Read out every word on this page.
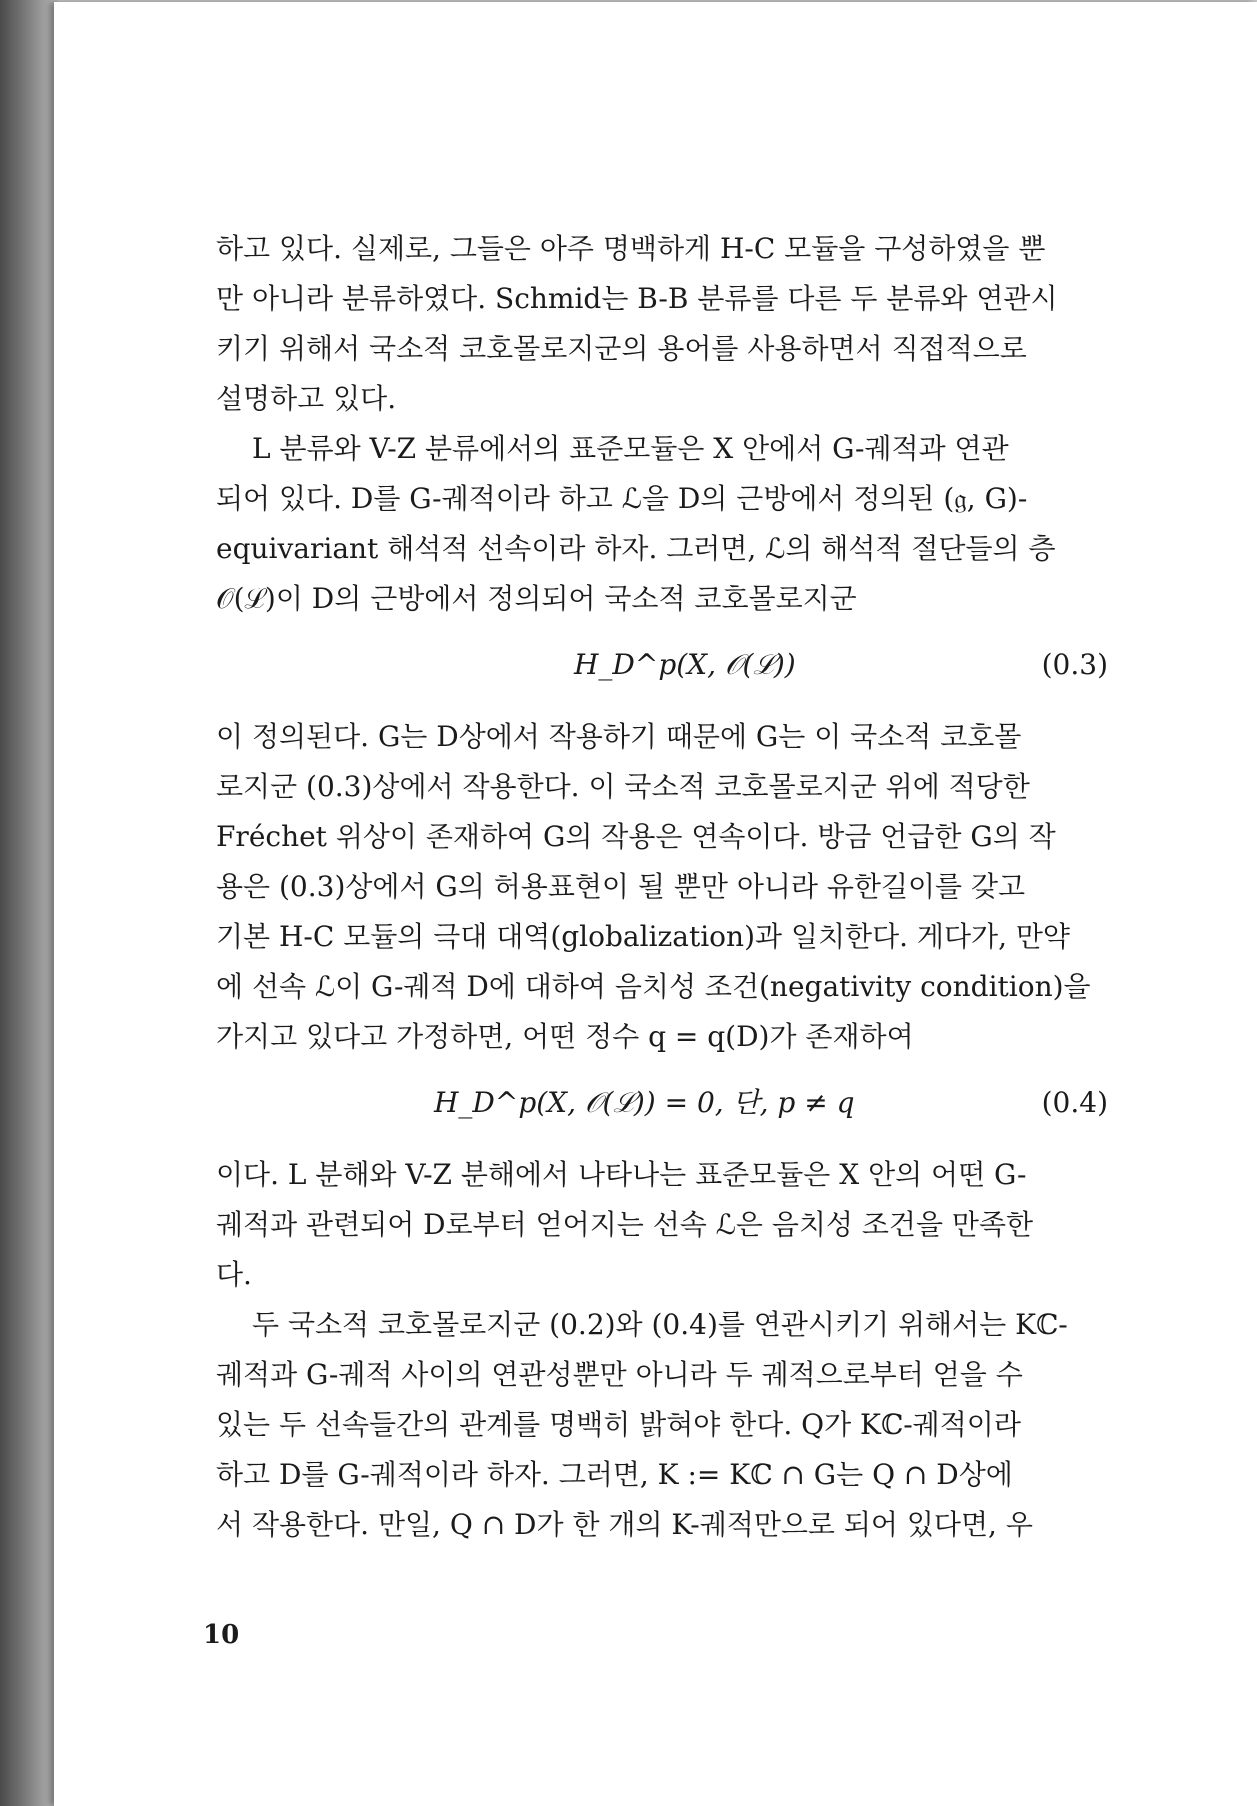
하고 있다. 실제로, 그들은 아주 명백하게 H-C 모듈을 구성하였을 뿐
만 아니라 분류하였다. Schmid는 B-B 분류를 다른 두 분류와 연관시
키기 위해서 국소적 코호몰로지군의 용어를 사용하면서 직접적으로
설명하고 있다.
L 분류와 V-Z 분류에서의 표준모듈은 X 안에서 G-궤적과 연관
되어 있다. D를 G-궤적이라 하고 ℒ을 D의 근방에서 정의된 (𝔤, G)-
equivariant 해석적 선속이라 하자. 그러면, ℒ의 해석적 절단들의 층
𝒪(ℒ)이 D의 근방에서 정의되어 국소적 코호몰로지군
H_D^p(X, 𝒪(ℒ))	(0.3)
이 정의된다. G는 D상에서 작용하기 때문에 G는 이 국소적 코호몰
로지군 (0.3)상에서 작용한다. 이 국소적 코호몰로지군 위에 적당한
Fréchet 위상이 존재하여 G의 작용은 연속이다. 방금 언급한 G의 작
용은 (0.3)상에서 G의 허용표현이 될 뿐만 아니라 유한길이를 갖고
기본 H-C 모듈의 극대 대역(globalization)과 일치한다. 게다가, 만약
에 선속 ℒ이 G-궤적 D에 대하여 음치성 조건(negativity condition)을
가지고 있다고 가정하면, 어떤 정수 q = q(D)가 존재하여
H_D^p(X, 𝒪(ℒ)) = 0, 단, p ≠ q	(0.4)
이다. L 분해와 V-Z 분해에서 나타나는 표준모듈은 X 안의 어떤 G-
궤적과 관련되어 D로부터 얻어지는 선속 ℒ은 음치성 조건을 만족한
다.
두 국소적 코호몰로지군 (0.2)와 (0.4)를 연관시키기 위해서는 Kℂ-
궤적과 G-궤적 사이의 연관성뿐만 아니라 두 궤적으로부터 얻을 수
있는 두 선속들간의 관계를 명백히 밝혀야 한다. Q가 Kℂ-궤적이라
하고 D를 G-궤적이라 하자. 그러면, K := Kℂ ∩ G는 Q ∩ D상에
서 작용한다. 만일, Q ∩ D가 한 개의 K-궤적만으로 되어 있다면, 우
10
